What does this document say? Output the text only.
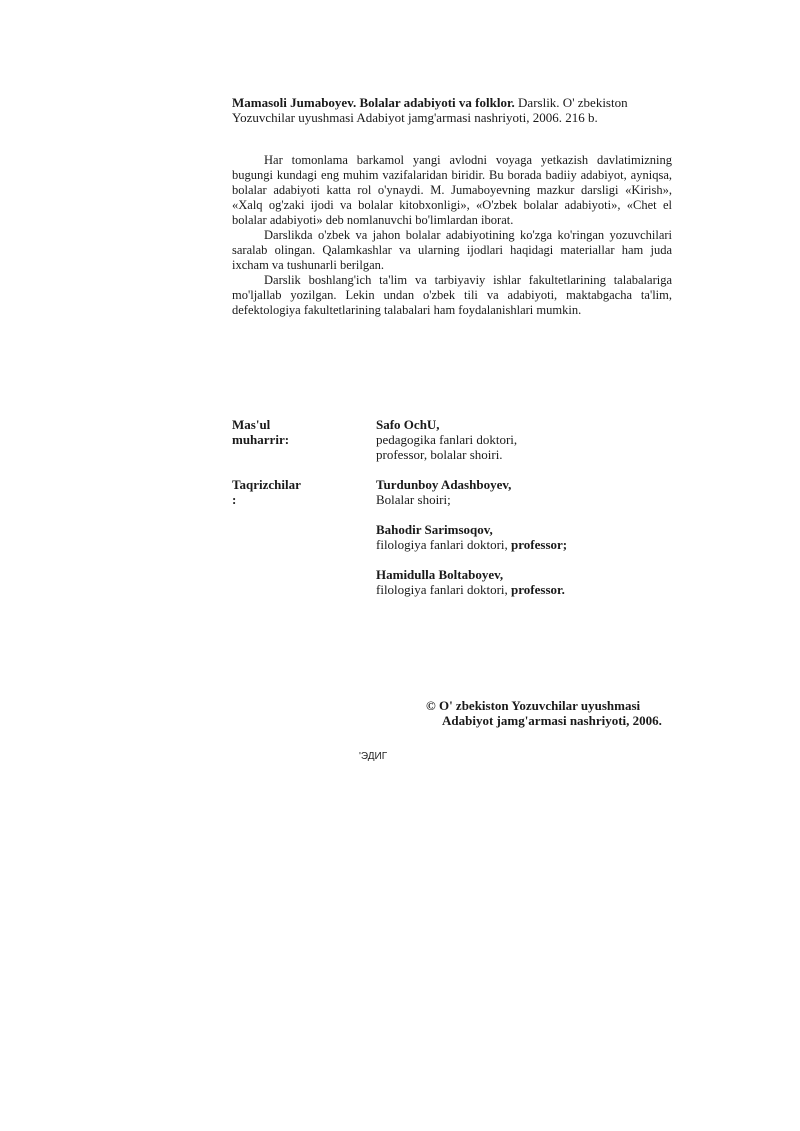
Mamasoli Jumaboyev. Bolalar adabiyoti va folklor. Darslik. O' zbekiston Yozuvchilar uyushmasi Adabiyot jamg'armasi nashriyoti, 2006. 216 b.

Har tomonlama barkamol yangi avlodni voyaga yetkazish davlatimizning bugungi kundagi eng muhim vazifalaridan biridir. Bu borada badiiy adabiyot, ayniqsa, bolalar adabiyoti katta rol o'ynaydi. M. Jumaboyevning mazkur darsligi «Kirish», «Xalq og'zaki ijodi va bolalar kitobxonligi», «O'zbek bolalar adabiyoti», «Chet el bolalar adabiyoti» deb nomlanuvchi bo'limlardan iborat.

Darslikda o'zbek va jahon bolalar adabiyotining ko'zga ko'ringan yozuvchilari saralab olingan. Qalamkashlar va ularning ijodlari haqidagi materiallar ham juda ixcham va tushunarli berilgan.

Darslik boshlang'ich ta'lim va tarbiyaviy ishlar fakultetlarining talabalariga mo'ljallab yozilgan. Lekin undan o'zbek tili va adabiyoti, maktabgacha ta'lim, defektologiya fakultetlarining talabalari ham foydalanishlari mumkin.

Mas'ul
muharrir:
Safo OchU,
pedagogika fanlari doktori,
professor, bolalar shoiri.
Taqrizchilar
:
Turdunboy Adashboyev,
Bolalar shoiri;
Bahodir Sarimsoqov,
filologiya fanlari doktori, professor;
Hamidulla Boltaboyev,
filologiya fanlari doktori, professor.
© O' zbekiston Yozuvchilar uyushmasi
Adabiyot jamg'armasi nashriyoti, 2006.
'ЭДИГ
